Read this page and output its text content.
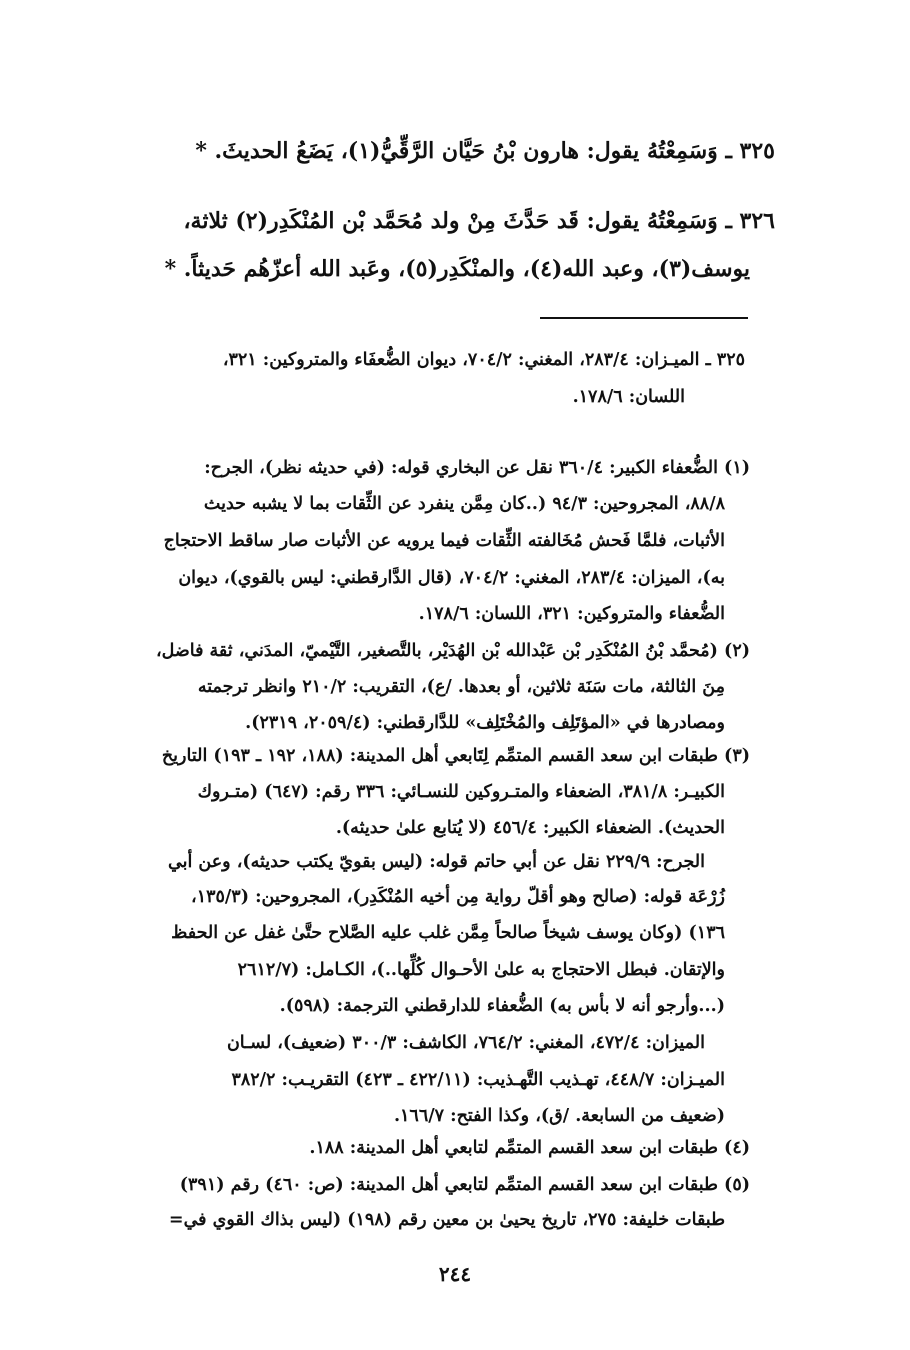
٣٢٥ ـ وَسَمِعْتُهُ يقول: هارون بْنُ حَيَّان الرَّقِّيُّ(١)، يَضَعُ الحديثَ. *
٣٢٦ ـ وَسَمِعْتُهُ يقول: قَد حَدَّثَ مِنْ ولد مُحَمَّد بْن المُنْكَدِر(٢) ثلاثة،
يوسف(٣)، وعبد الله(٤)، والمنْكَدِر(٥)، وعَبد الله أعزّهُم حَديثاً. *
٣٢٥ ـ الميـزان: ٢٨٣/٤، المغني: ٧٠٤/٢، ديوان الضُّعفَاء والمتروكين: ٣٢١،
اللسان: ١٧٨/٦.
(١) الضُّعفاء الكبير: ٣٦٠/٤ نقل عن البخاري قوله: (في حديثه نظر)، الجرح:
٨٨/٨، المجروحين: ٩٤/٣ (..كان مِمَّن ينفرد عن الثِّقات بما لا يشبه حديث
الأثبات، فلمَّا فَحش مُخَالفته الثِّقات فيما يرويه عن الأثبات صار ساقط الاحتجاج
به)، الميزان: ٢٨٣/٤، المغني: ٧٠٤/٢، (قال الدَّارقطني: ليس بالقوي)، ديوان
الضُّعفاء والمتروكين: ٣٢١، اللسان: ١٧٨/٦.
(٢) (مُحمَّد بْنُ المُنْكَدِر بْن عَبْدالله بْن الهُدَيْر، بالتَّصغير، التَّيْميّ، المدَني، ثقة فاضل،
مِنَ الثالثة، مات سَنَة ثلاثين، أو بعدها. /ع)، التقريب: ٢١٠/٢ وانظر ترجمته
ومصادرها في «المؤتَلِف والمُخْتَلِف» للدَّارقطني: (٢٠٥٩/٤، ٢٣١٩).
(٣) طبقات ابن سعد القسم المتمِّم لِتَابعي أهل المدينة: (١٨٨، ١٩٢ ـ ١٩٣) التاريخ
الكبيـر: ٣٨١/٨، الضعفاء والمتـروكين للنسـائي: ٣٣٦ رقم: (٦٤٧) (متـروك
الحديث). الضعفاء الكبير: ٤٥٦/٤ (لا يُتابع علىٰ حديثه).
الجرح: ٢٢٩/٩ نقل عن أبي حاتم قوله: (ليس بقويّ يكتب حديثه)، وعن أبي
زُرْعَة قوله: (صالح وهو أقلّ رواية مِن أخيه المُنْكَدِر)، المجروحين: (١٣٥/٣،
١٣٦) (وكان يوسف شيخاً صالحاً مِمَّن غلب عليه الصَّلاح حتَّىٰ غفل عن الحفظ
والإتقان. فبطل الاحتجاج به علىٰ الأحـوال كُلِّها..)، الكـامل: (٢٦١٢/٧
(...وأرجو أنه لا بأس به) الضُّعفاء للدارقطني الترجمة: (٥٩٨).
الميزان: ٤٧٢/٤، المغني: ٧٦٤/٢، الكاشف: ٣٠٠/٣ (ضعيف)، لسـان
الميـزان: ٤٤٨/٧، تهـذيب التَّهـذيب: (٤٢٢/١١ ـ ٤٢٣) التقريـب: ٣٨٢/٢
(ضعيف من السابعة. /ق)، وكذا الفتح: ١٦٦/٧.
(٤) طبقات ابن سعد القسم المتمِّم لتابعي أهل المدينة: ١٨٨.
(٥) طبقات ابن سعد القسم المتمِّم لتابعي أهل المدينة: (ص: ٤٦٠) رقم (٣٩١)
طبقات خليفة: ٢٧٥، تاريخ يحيىٰ بن معين رقم (١٩٨) (ليس بذاك القوي في=
٢٤٤
